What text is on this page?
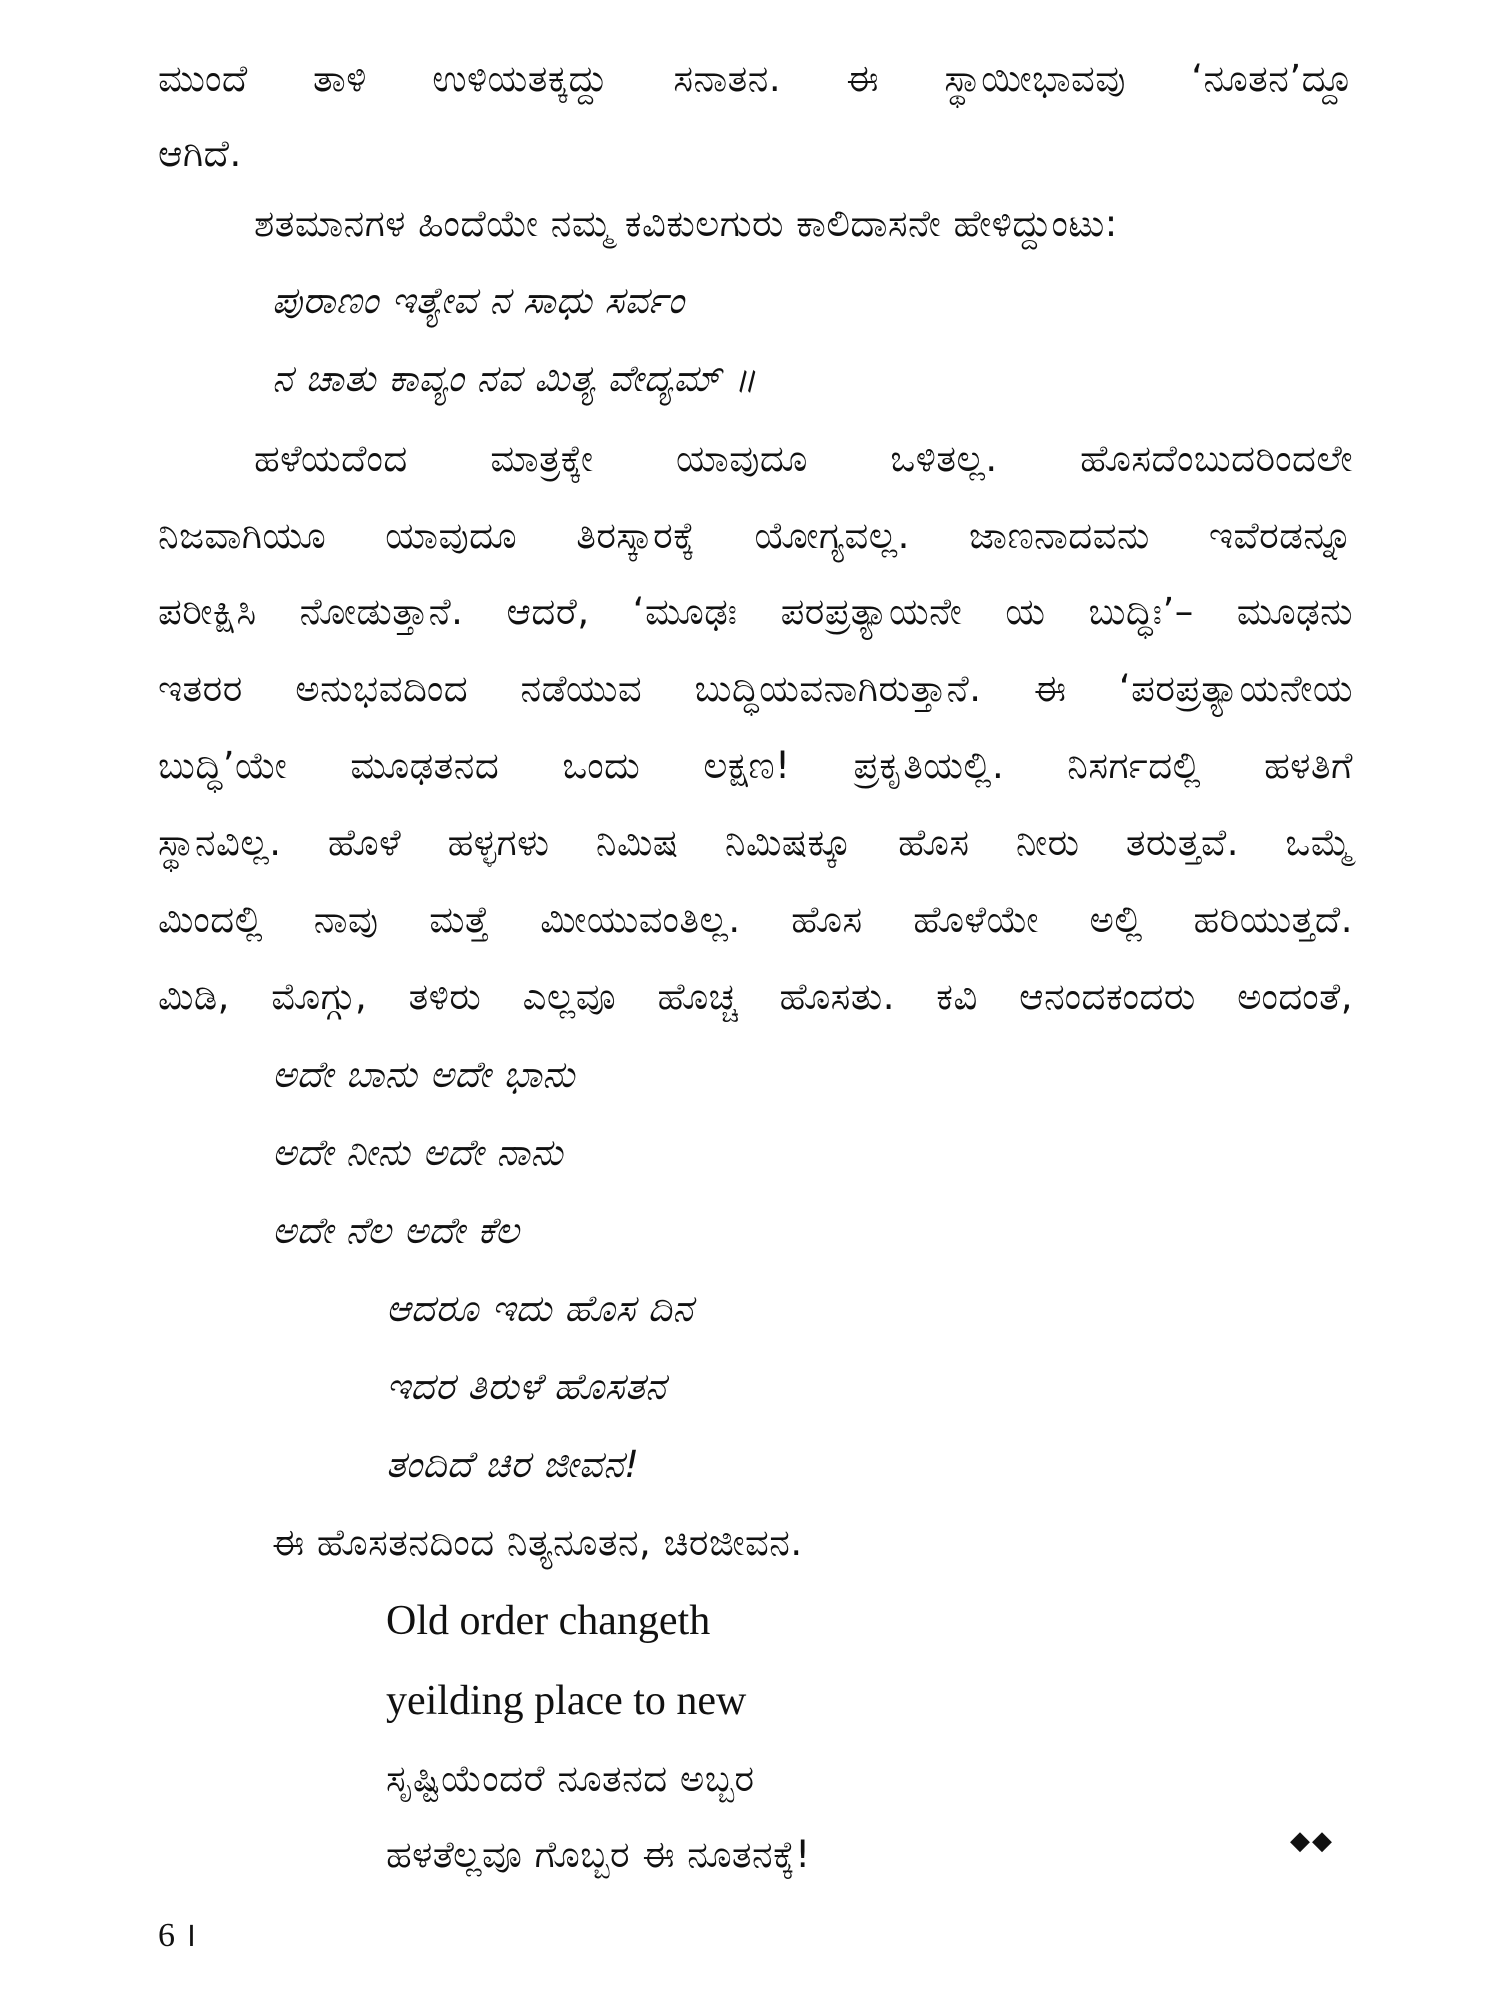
ಮುಂದೆ ತಾಳಿ ಉಳಿಯತಕ್ಕದ್ದು ಸನಾತನ. ಈ ಸ್ಥಾಯೀಭಾವವು ‘ನೂತನ’ದ್ದೂ
ಆಗಿದೆ.
ಶತಮಾನಗಳ ಹಿಂದೆಯೇ ನಮ್ಮ ಕವಿಕುಲಗುರು ಕಾಲಿದಾಸನೇ ಹೇಳಿದ್ದುಂಟು:
ಪುರಾಣಂ ಇತ್ಯೇವ ನ ಸಾಧು ಸರ್ವಂ
ನ ಚಾತು ಕಾವ್ಯಂ ನವ ಮಿತ್ಯ ವೇದ್ಯಮ್ ॥
ಹಳೆಯದೆಂದ ಮಾತ್ರಕ್ಕೇ ಯಾವುದೂ ಒಳಿತಲ್ಲ. ಹೊಸದೆಂಬುದರಿಂದಲೇ
ನಿಜವಾಗಿಯೂ ಯಾವುದೂ ತಿರಸ್ಕಾರಕ್ಕೆ ಯೋಗ್ಯವಲ್ಲ. ಜಾಣನಾದವನು ಇವೆರಡನ್ನೂ
ಪರೀಕ್ಷಿಸಿ ನೋಡುತ್ತಾನೆ. ಆದರೆ, ‘ಮೂಢಃ ಪರಪ್ರತ್ಯಾಯನೇ ಯ ಬುದ್ಧಿಃ’– ಮೂಢನು
ಇತರರ ಅನುಭವದಿಂದ ನಡೆಯುವ ಬುದ್ಧಿಯವನಾಗಿರುತ್ತಾನೆ. ಈ ‘ಪರಪ್ರತ್ಯಾಯನೇಯ
ಬುದ್ಧಿ’ಯೇ ಮೂಢತನದ ಒಂದು ಲಕ್ಷಣ! ಪ್ರಕೃತಿಯಲ್ಲಿ. ನಿಸರ್ಗದಲ್ಲಿ ಹಳತಿಗೆ
ಸ್ಥಾನವಿಲ್ಲ. ಹೊಳೆ ಹಳ್ಳಗಳು ನಿಮಿಷ ನಿಮಿಷಕ್ಕೂ ಹೊಸ ನೀರು ತರುತ್ತವೆ. ಒಮ್ಮೆ
ಮಿಂದಲ್ಲಿ ನಾವು ಮತ್ತೆ ಮೀಯುವಂತಿಲ್ಲ. ಹೊಸ ಹೊಳೆಯೇ ಅಲ್ಲಿ ಹರಿಯುತ್ತದೆ.
ಮಿಡಿ, ಮೊಗ್ಗು, ತಳಿರು ಎಲ್ಲವೂ ಹೊಚ್ಚ ಹೊಸತು. ಕವಿ ಆನಂದಕಂದರು ಅಂದಂತೆ,
ಅದೇ ಬಾನು ಅದೇ ಭಾನು
ಅದೇ ನೀನು ಅದೇ ನಾನು
ಅದೇ ನೆಲ ಅದೇ ಕೆಲ
ಆದರೂ ಇದು ಹೊಸ ದಿನ
ಇದರ ತಿರುಳೆ ಹೊಸತನ
ತಂದಿದೆ ಚಿರ ಜೀವನ!
ಈ ಹೊಸತನದಿಂದ ನಿತ್ಯನೂತನ, ಚಿರಜೀವನ.
Old order changeth
yeilding place to new
ಸೃಷ್ಟಿಯೆಂದರೆ ನೂತನದ ಅಬ್ಬರ
ಹಳತೆಲ್ಲವೂ ಗೊಬ್ಬರ ಈ ನೂತನಕ್ಕೆ!	◆◆
6 ।
